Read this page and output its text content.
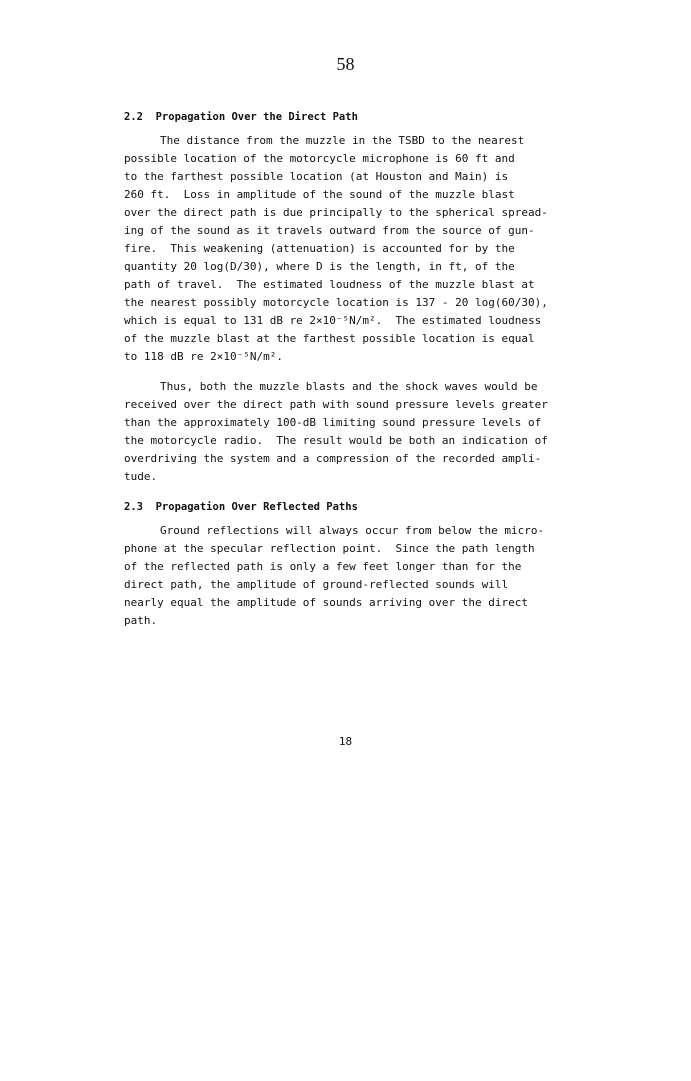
58

2.2  Propagation Over the Direct Path

The distance from the muzzle in the TSBD to the nearest
possible location of the motorcycle microphone is 60 ft and
to the farthest possible location (at Houston and Main) is
260 ft.  Loss in amplitude of the sound of the muzzle blast
over the direct path is due principally to the spherical spread-
ing of the sound as it travels outward from the source of gun-
fire.  This weakening (attenuation) is accounted for by the
quantity 20 log(D/30), where D is the length, in ft, of the
path of travel.  The estimated loudness of the muzzle blast at
the nearest possibly motorcycle location is 137 - 20 log(60/30),
which is equal to 131 dB re 2×10⁻⁵N/m².  The estimated loudness
of the muzzle blast at the farthest possible location is equal
to 118 dB re 2×10⁻⁵N/m².
Thus, both the muzzle blasts and the shock waves would be
received over the direct path with sound pressure levels greater
than the approximately 100-dB limiting sound pressure levels of
the motorcycle radio.  The result would be both an indication of
overdriving the system and a compression of the recorded ampli-
tude.

2.3  Propagation Over Reflected Paths

Ground reflections will always occur from below the micro-
phone at the specular reflection point.  Since the path length
of the reflected path is only a few feet longer than for the
direct path, the amplitude of ground-reflected sounds will
nearly equal the amplitude of sounds arriving over the direct
path.
18
